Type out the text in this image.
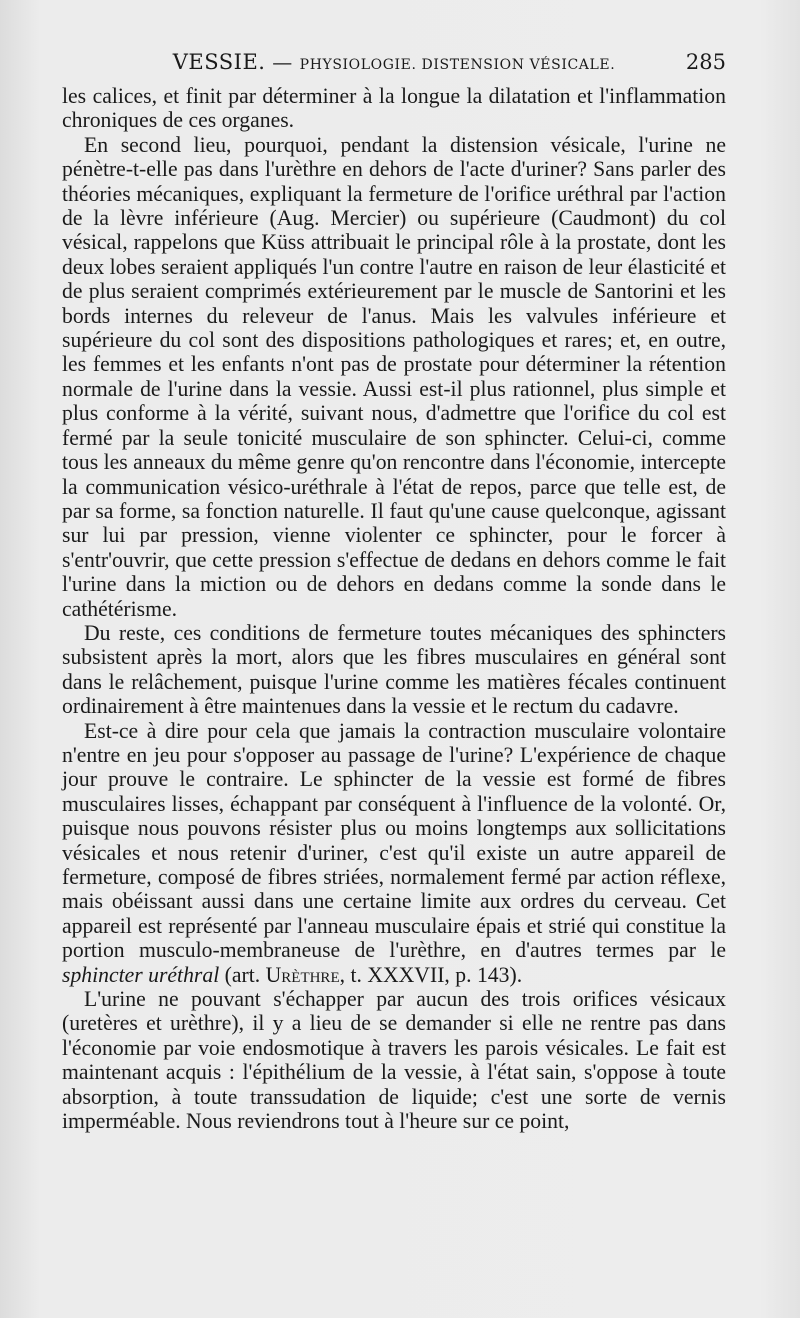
VESSIE. — PHYSIOLOGIE. DISTENSION VÉSICALE.	285

les calices, et finit par déterminer à la longue la dilatation et l'inflammation chroniques de ces organes.

En second lieu, pourquoi, pendant la distension vésicale, l'urine ne pénètre-t-elle pas dans l'urèthre en dehors de l'acte d'uriner? Sans parler des théories mécaniques, expliquant la fermeture de l'orifice uréthral par l'action de la lèvre inférieure (Aug. Mercier) ou supérieure (Caudmont) du col vésical, rappelons que Küss attribuait le principal rôle à la prostate, dont les deux lobes seraient appliqués l'un contre l'autre en raison de leur élasticité et de plus seraient comprimés extérieurement par le muscle de Santorini et les bords internes du releveur de l'anus. Mais les valvules inférieure et supérieure du col sont des dispositions pathologiques et rares; et, en outre, les femmes et les enfants n'ont pas de prostate pour déterminer la rétention normale de l'urine dans la vessie. Aussi est-il plus rationnel, plus simple et plus conforme à la vérité, suivant nous, d'admettre que l'orifice du col est fermé par la seule tonicité musculaire de son sphincter. Celui-ci, comme tous les anneaux du même genre qu'on rencontre dans l'économie, intercepte la communication vésico-uréthrale à l'état de repos, parce que telle est, de par sa forme, sa fonction naturelle. Il faut qu'une cause quelconque, agissant sur lui par pression, vienne violenter ce sphincter, pour le forcer à s'entr'ouvrir, que cette pression s'effectue de dedans en dehors comme le fait l'urine dans la miction ou de dehors en dedans comme la sonde dans le cathétérisme.

Du reste, ces conditions de fermeture toutes mécaniques des sphincters subsistent après la mort, alors que les fibres musculaires en général sont dans le relâchement, puisque l'urine comme les matières fécales continuent ordinairement à être maintenues dans la vessie et le rectum du cadavre.

Est-ce à dire pour cela que jamais la contraction musculaire volontaire n'entre en jeu pour s'opposer au passage de l'urine? L'expérience de chaque jour prouve le contraire. Le sphincter de la vessie est formé de fibres musculaires lisses, échappant par conséquent à l'influence de la volonté. Or, puisque nous pouvons résister plus ou moins longtemps aux sollicitations vésicales et nous retenir d'uriner, c'est qu'il existe un autre appareil de fermeture, composé de fibres striées, normalement fermé par action réflexe, mais obéissant aussi dans une certaine limite aux ordres du cerveau. Cet appareil est représenté par l'anneau musculaire épais et strié qui constitue la portion musculo-membraneuse de l'urèthre, en d'autres termes par le sphincter uréthral (art. Urèthre, t. XXXVII, p. 143).

L'urine ne pouvant s'échapper par aucun des trois orifices vésicaux (uretères et urèthre), il y a lieu de se demander si elle ne rentre pas dans l'économie par voie endosmotique à travers les parois vésicales. Le fait est maintenant acquis : l'épithélium de la vessie, à l'état sain, s'oppose à toute absorption, à toute transsudation de liquide; c'est une sorte de vernis imperméable. Nous reviendrons tout à l'heure sur ce point,
